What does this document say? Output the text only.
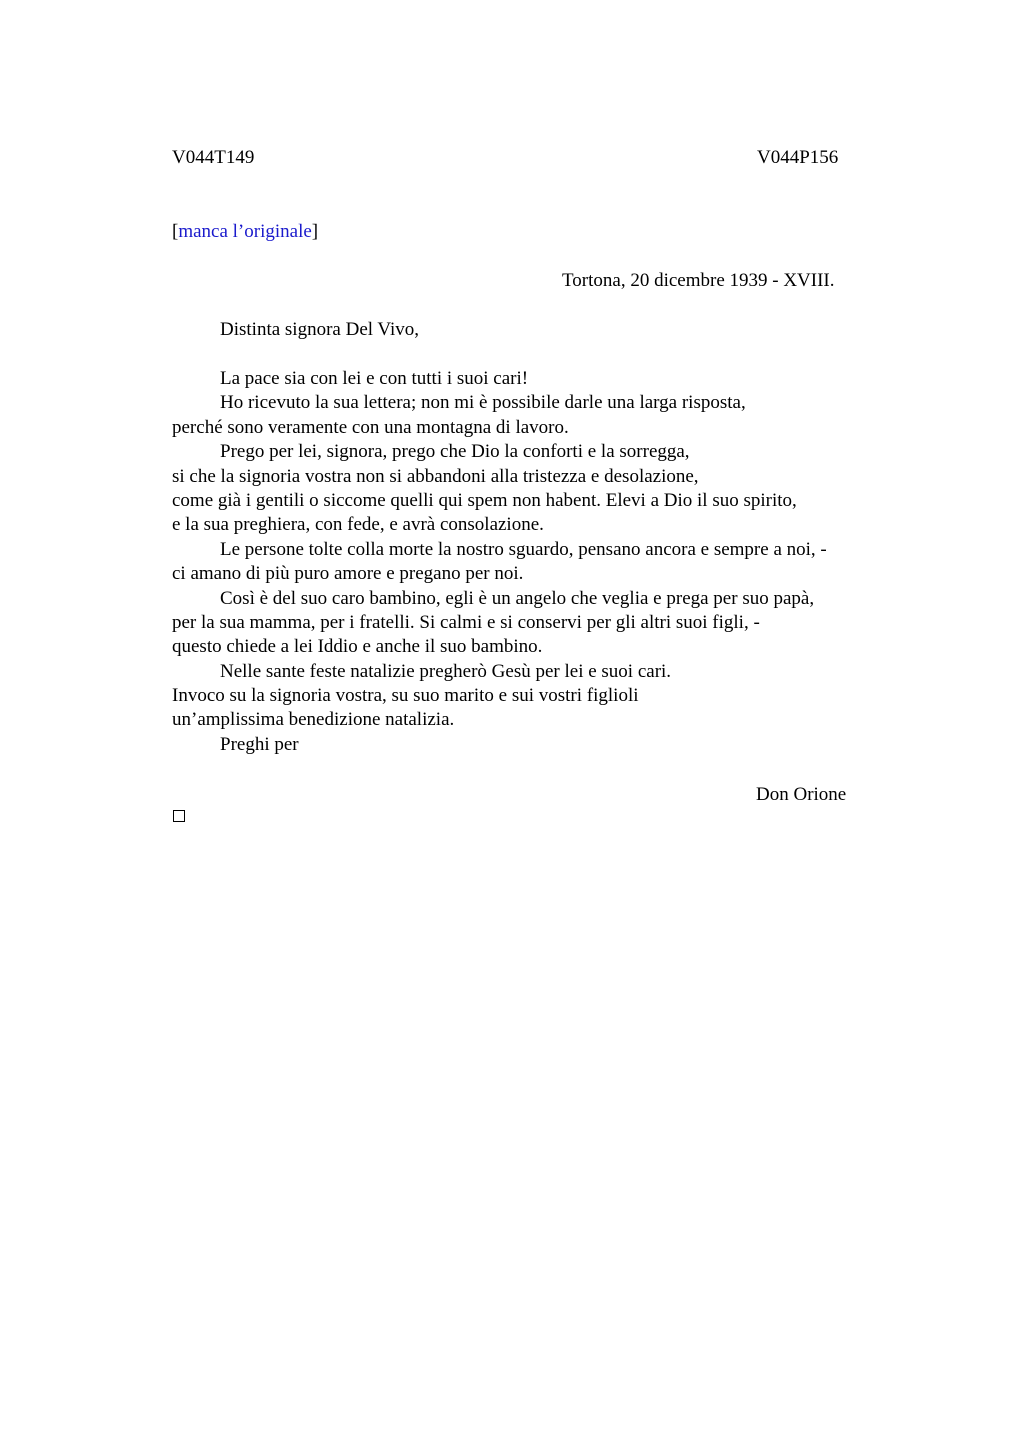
V044T149	V044P156
[manca l’originale]
Tortona, 20 dicembre 1939 - XVIII.
Distinta signora Del Vivo,
La pace sia con lei e con tutti i suoi cari!
Ho ricevuto la sua lettera; non mi è possibile darle una larga risposta,
perché sono veramente con una montagna di lavoro.
Prego per lei, signora, prego che Dio la conforti e la sorregga,
si che la signoria vostra non si abbandoni alla tristezza e desolazione,
come già i gentili o siccome quelli qui spem non habent. Elevi a Dio il suo spirito,
e la sua preghiera, con fede, e avrà consolazione.
Le persone tolte colla morte la nostro sguardo, pensano ancora e sempre a noi, -
ci amano di più puro amore e pregano per noi.
Così è del suo caro bambino, egli è un angelo che veglia e prega per suo papà,
per la sua mamma, per i fratelli. Si calmi e si conservi per gli altri suoi figli, -
questo chiede a lei Iddio e anche il suo bambino.
Nelle sante feste natalizie pregherò Gesù per lei e suoi cari.
Invoco su la signoria vostra, su suo marito e sui vostri figlioli
un’amplissima benedizione natalizia.
Preghi per
Don Orione
